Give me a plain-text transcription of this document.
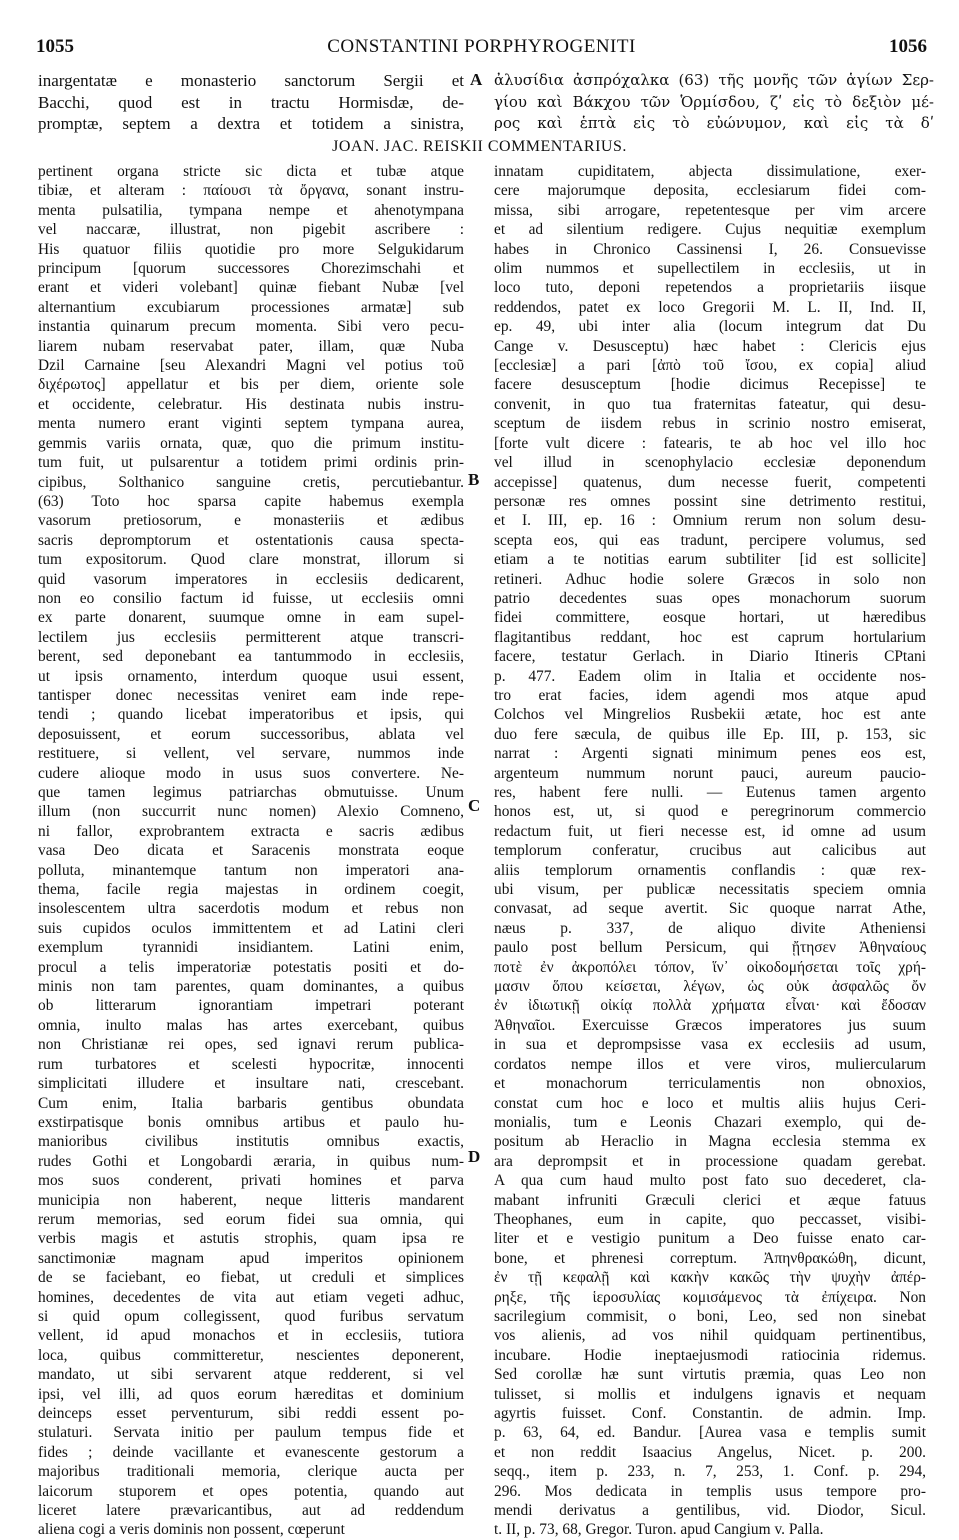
1055	CONSTANTINI PORPHYROGENITI	1056
inargentatæ e monasterio sanctorum Sergii et
Bacchi, quod est in tractu Hormisdæ, de-
promptæ, septem a dextra et totidem a sinistra,
A ἀλυσίδια ἀσπρόχαλκα (63) τῆς μονῆς τῶν ἁγίων Σερ-
γίου καὶ Βάκχου τῶν Ὁρμίσδου, ζʹ εἰς τὸ δεξιὸν μέ-
ρος καὶ ἑπτὰ εἰς τὸ εὐώνυμον, καὶ εἰς τὰ δʹ
JOAN. JAC. REISKII COMMENTARIUS.
pertinent organa stricte sic dicta et tubæ atque
tibiæ, et alteram : παίουσι τὰ ὄργανα, sonant instru-
menta pulsatilia, tympana nempe et ahenotympana
vel naccaræ, illustrat, non pigebit ascribere :
His quatuor filiis quotidie pro more Selgukidarum
principum [quorum successores Chorezimschahi et
erant et videri volebant] quinæ fiebant Nubæ [vel
alternantium excubiarum processiones armatæ] sub
instantia quinarum precum momenta. Sibi vero pecu-
liarem nubam reservabat pater, illam, quæ Nuba
Dzil Carnaine [seu Alexandri Magni vel potius τοῦ
διχέρωτος] appellatur et bis per diem, oriente sole
et occidente, celebratur. His destinata nubis instru-
menta numero erant viginti septem tympana aurea,
gemmis variis ornata, quæ, quo die primum institu-
tum fuit, ut pulsarentur a totidem primi ordinis prin-
cipibus, Solthanico sanguine cretis, percutiebantur.
(63) Toto hoc sparsa capite habemus exempla
vasorum pretiosorum, e monasteriis et ædibus
sacris depromptorum et ostentationis causa specta-
tum expositorum. Quod clare monstrat, illorum si
quid vasorum imperatores in ecclesiis dedicarent,
non eo consilio factum id fuisse, ut ecclesiis omni
ex parte donarent, suumque omne in eam supel-
lectilem jus ecclesiis permitterent atque transcri-
berent, sed deponebant ea tantummodo in ecclesiis,
ut ipsis ornamento, interdum quoque usui essent,
tantisper donec necessitas veniret eam inde repe-
tendi ; quando licebat imperatoribus et ipsis, qui
deposuissent, et eorum successoribus, ablata vel
restituere, si vellent, vel servare, nummos inde
cudere alioque modo in usus suos convertere. Ne-
que tamen legimus patriarchas obmutuisse. Unum
illum (non succurrit nunc nomen) Alexio Comneno,
ni fallor, exprobrantem extracta e sacris ædibus
vasa Deo dicata et Saracenis monstrata eoque
polluta, minantemque tantum non imperatori ana-
thema, facile regia majestas in ordinem coegit,
insolescentem ultra sacerdotis modum et rebus non
suis cupidos oculos immittentem et ad Latini cleri
exemplum tyrannidi insidiantem. Latini enim,
procul a telis imperatoriæ potestatis positi et do-
minis non tam parentes, quam dominantes, a quibus
ob litterarum ignorantiam impetrari poterant
omnia, inulto malas has artes exercebant, quibus
non Christianæ rei opes, sed ignavi rerum publica-
rum turbatores et scelesti hypocritæ, innocenti
simplicitati illudere et insultare nati, crescebant.
Cum enim, Italia barbaris gentibus obundata
exstirpatisque bonis omnibus artibus et paulo hu-
manioribus civilibus institutis omnibus exactis,
rudes Gothi et Longobardi æraria, in quibus num-
mos suos conderent, privati homines et parva
municipia non haberent, neque litteris mandarent
rerum memorias, sed eorum fidei sua omnia, qui
verbis magis et astutis strophis, quam ipsa re
sanctimoniæ magnam apud imperitos opinionem
de se faciebant, eo fiebat, ut creduli et simplices
homines, decedentes de vita aut etiam vegeti adhuc,
si quid opum collegissent, quod furibus servatum
vellent, id apud monachos et in ecclesiis, tutiora
loca, quibus committeretur, nescientes deponerent,
mandato, ut sibi servarent atque redderent, si vel
ipsi, vel illi, ad quos eorum hæreditas et dominium
deinceps esset perventurum, sibi reddi essent po-
stulaturi. Servata initio per paulum tempus fide et
fides ; deinde vacillante et evanescente gestorum a
majoribus traditionali memoria, clerique aucta per
laicorum stuporem et opes potentia, quando aut
liceret latere prævaricantibus, aut ad reddendum
aliena cogi a veris dominis non possent, cœperunt
innatam cupiditatem, abjecta dissimulatione, exer-
cere majorumque deposita, ecclesiarum fidei com-
missa, sibi arrogare, repetentesque per vim arcere
et ad silentium redigere. Cujus nequitiæ exemplum
habes in Chronico Cassinensi I, 26. Consuevisse
olim nummos et supellectilem in ecclesiis, ut in
loco tuto, deponi repetendos a proprietariis iisque
reddendos, patet ex loco Gregorii M. L. II, Ind. II,
ep. 49, ubi inter alia (locum integrum dat Du
Cange v. Desusceptu) hæc habet : Clericis ejus
[ecclesiæ] a pari [ἀπὸ τοῦ ἴσου, ex copia] aliud
facere desusceptum [hodie dicimus Recepisse] te
convenit, in quo tua fraternitas fateatur, qui desu-
sceptum de iisdem rebus in scrinio nostro emiserat,
[forte vult dicere : fatearis, te ab hoc vel illo hoc
vel illud in scenophylacio ecclesiæ deponendum
accepisse] quatenus, dum necesse fuerit, competenti
personæ res omnes possint sine detrimento restitui,
et I. III, ep. 16 : Omnium rerum non solum desu-
scepta eos, qui eas tradunt, percipere volumus, sed
etiam a te notitias earum subtiliter [id est sollicite]
retineri. Adhuc hodie solere Græcos in solo non
patrio decedentes suas opes monachorum suorum
fidei committere, eosque hortari, ut hæredibus
flagitantibus reddant, hoc est caprum hortularium
facere, testatur Gerlach. in Diario Itineris CPtani
p. 477. Eadem olim in Italia et occidente nos-
tro erat facies, idem agendi mos atque apud
Colchos vel Mingrelios Rusbekii ætate, hoc est ante
duo fere sæcula, de quibus ille Ep. III, p. 153, sic
narrat : Argenti signati minimum penes eos est,
argenteum nummum norunt pauci, aureum paucio-
res, habent fere nulli. — Eutenus tamen argento
honos est, ut, si quod e peregrinorum commercio
redactum fuit, ut fieri necesse est, id omne ad usum
templorum conferatur, crucibus aut calicibus aut
aliis templorum ornamentis conflandis : quæ rex-
ubi visum, per publicæ necessitatis speciem omnia
convasat, ad seque avertit. Sic quoque narrat Athe,
næus p. 337, de aliquo divite Atheniensi
paulo post bellum Persicum, qui ᾔτησεν Ἀθηναίους
ποτὲ ἐν ἀκροπόλει τόπον, ἵν᾽ οἰκοδομήσεται τοῖς χρή-
μασιν ὅπου κείσεται, λέγων, ὡς οὐκ ἀσφαλῶς ὄν
ἐν ἰδιωτικῇ οἰκίᾳ πολλὰ χρήματα εἶναι· καὶ ἔδοσαν
Ἀθηναῖοι. Exercuisse Græcos imperatores jus suum
in sua et deprompsisse vasa ex ecclesiis ad usum,
cordatos nempe illos et vere viros, muliercularum
et monachorum terriculamentis non obnoxios,
constat cum hoc e loco et multis aliis hujus Ceri-
monialis, tum e Leonis Chazari exemplo, qui de-
positum ab Heraclio in Magna ecclesia stemma ex
ara deprompsit et in processione quadam gerebat.
A qua cum haud multo post fato suo decederet, cla-
mabant infruniti Græculi clerici et æque fatuus
Theophanes, eum in capite, quo peccasset, visibi-
liter et e vestigio punitum a Deo fuisse enato car-
bone, et phrenesi correptum. Ἀπηνθρακώθη, dicunt,
ἐν τῇ κεφαλῇ καὶ κακὴν κακῶς τὴν ψυχὴν ἀπέρ-
ρηξε, τῆς ἱεροσυλίας κομισάμενος τὰ ἐπίχειρα. Non
sacrilegium commisit, o boni, Leo, sed non sinebat
vos alienis, ad vos nihil quidquam pertinentibus,
incubare. Hodie ineptaejusmodi ratiocinia ridemus.
Sed corollæ hæ sunt virtutis præmia, quas Leo non
tulisset, si mollis et indulgens ignavis et nequam
agyrtis fuisset. Conf. Constantin. de admin. Imp.
p. 63, 64, ed. Bandur. [Aurea vasa e templis sumit
et non reddit Isaacius Angelus, Nicet. p. 200.
seqq., item p. 233, n. 7, 253, 1. Conf. p. 294,
296. Mos dedicata in templis usus tempore pro-
mendi derivatus a gentilibus, vid. Diodor, Sicul.
t. II, p. 73, 68, Gregor. Turon. apud Cangium v. Palla.
B
C
D
